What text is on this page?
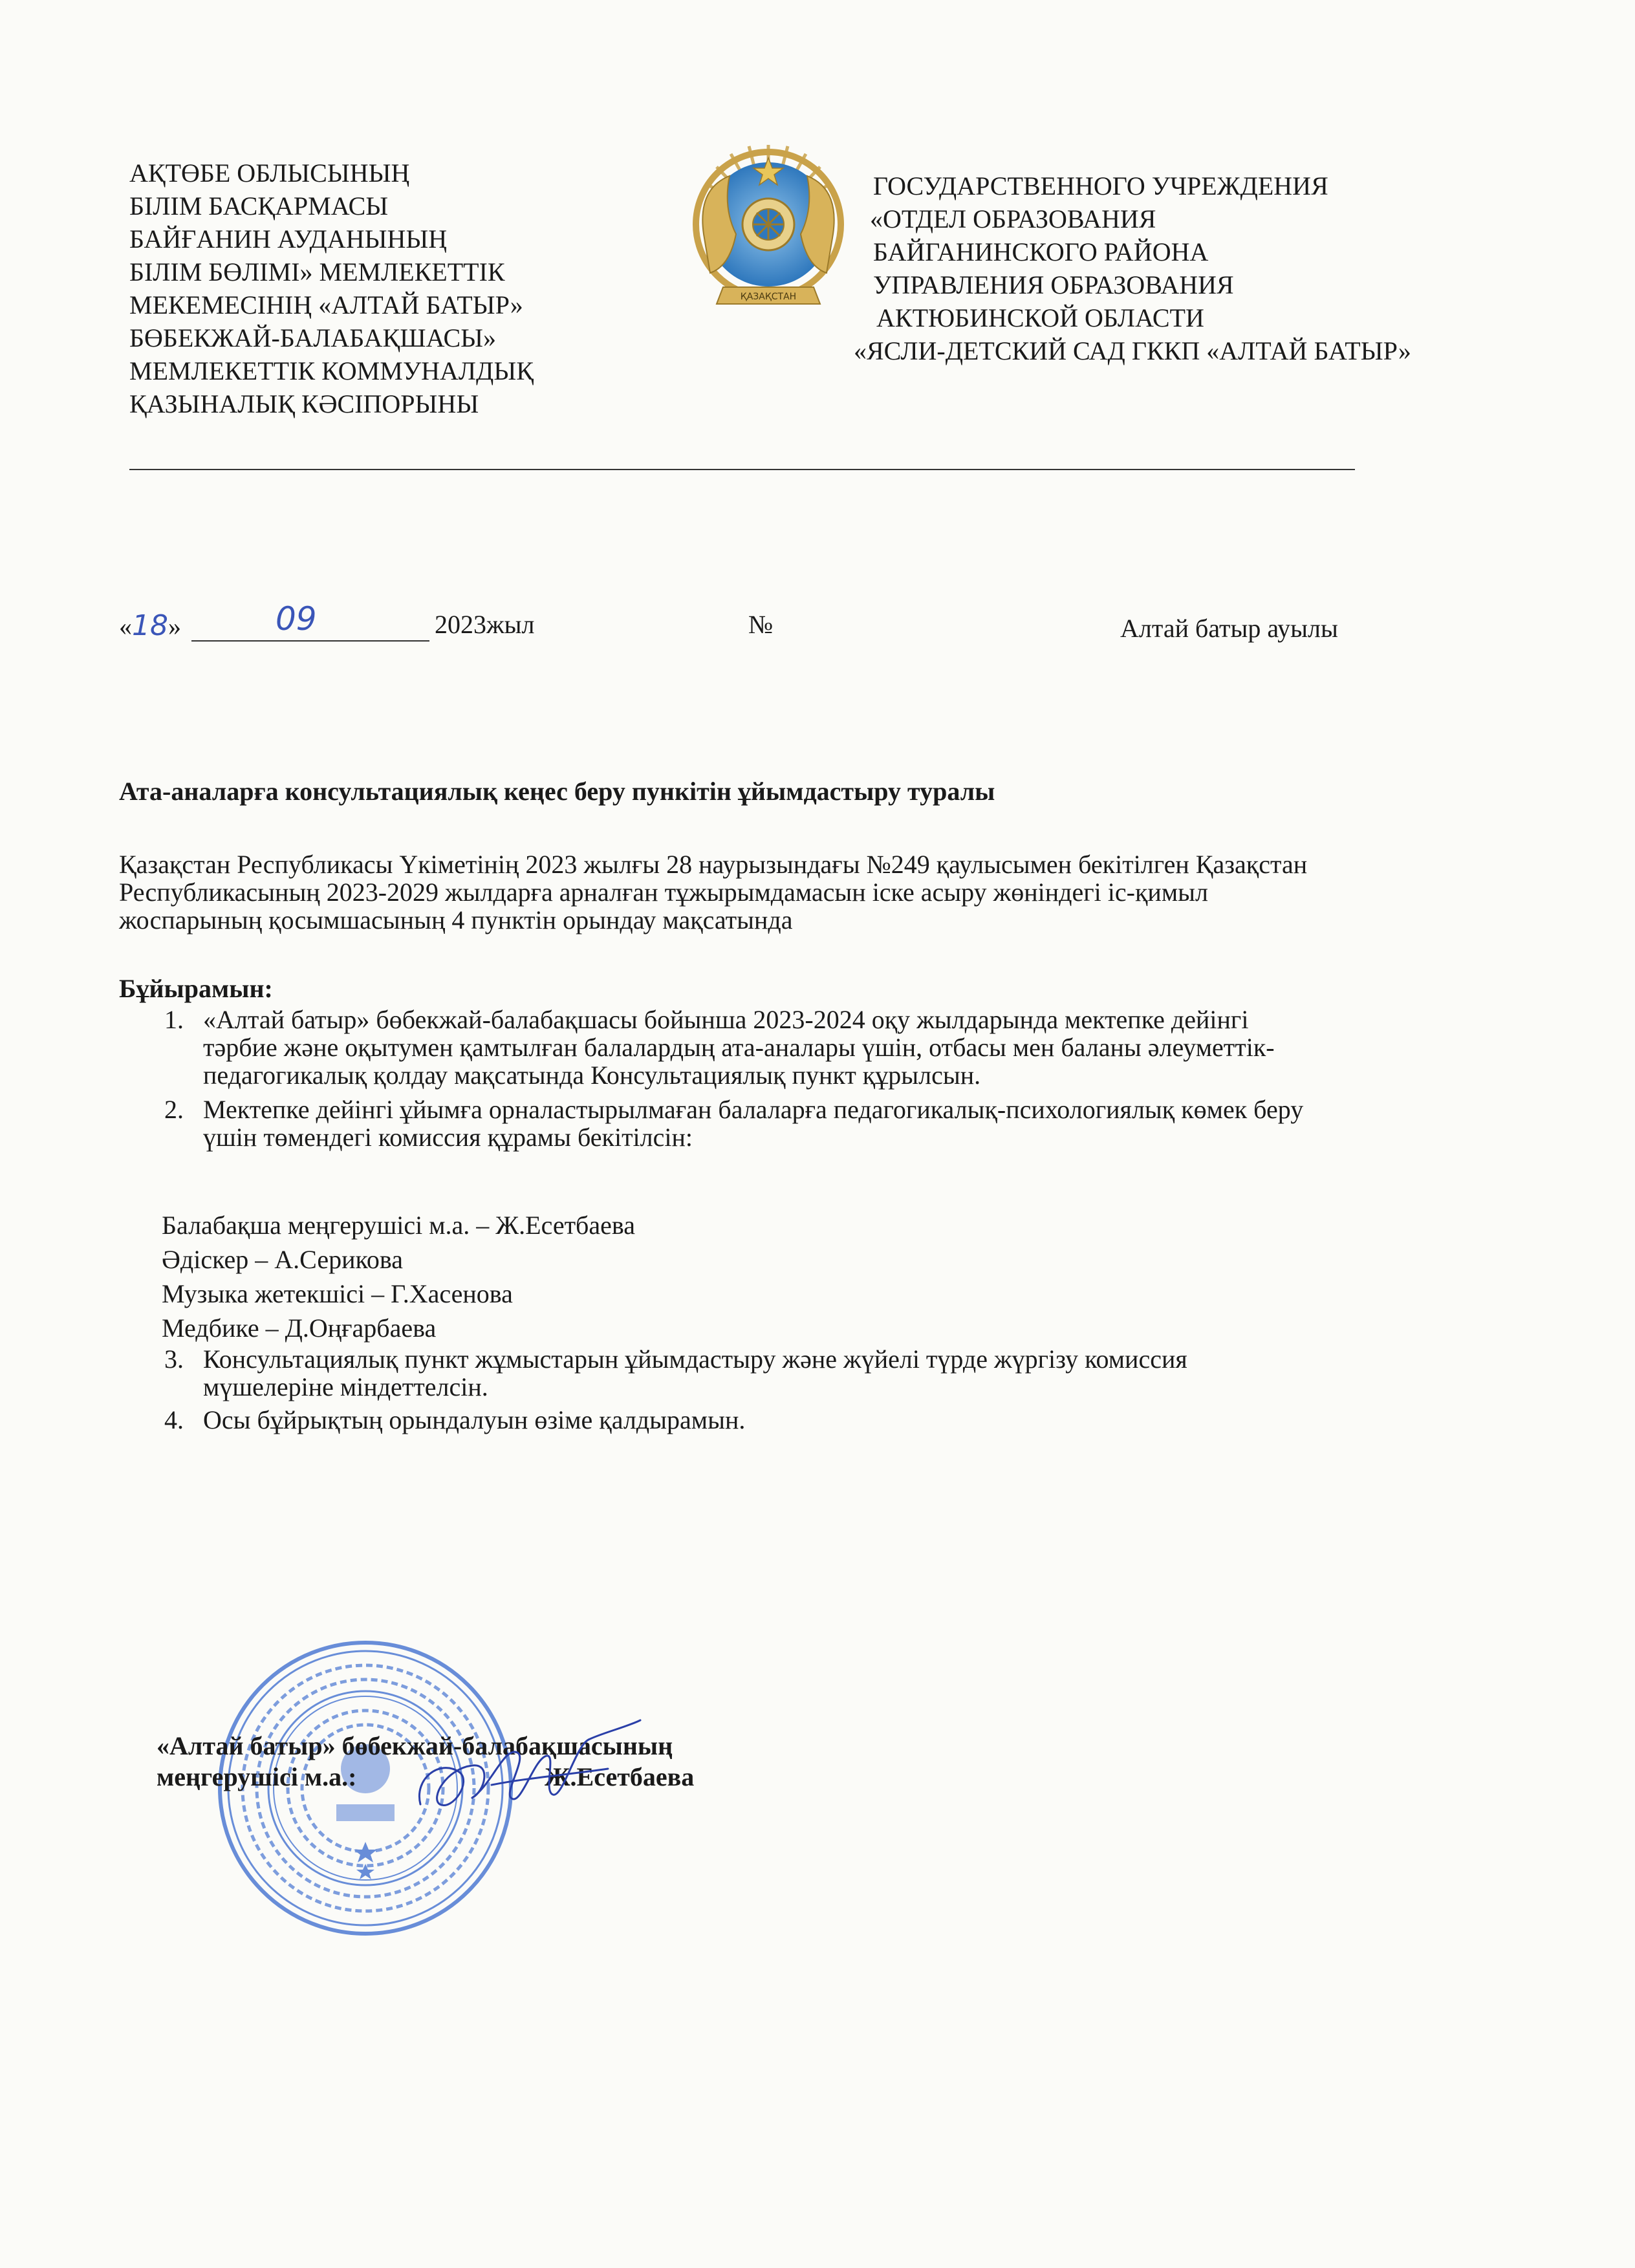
АҚТӨБЕ ОБЛЫСЫНЫҢ
БІЛІМ БАСҚАРМАСЫ
БАЙҒАНИН АУДАНЫНЫҢ
БІЛІМ БӨЛІМІ» МЕМЛЕКЕТТІК
МЕКЕМЕСІНІҢ «АЛТАЙ БАТЫР»
БӨБЕКЖАЙ-БАЛАБАҚШАСЫ»
МЕМЛЕКЕТТІК КОММУНАЛДЫҚ
ҚАЗЫНАЛЫҚ КӘСІПОРЫНЫ
ҚАЗАҚСТАН
ГОСУДАРСТВЕННОГО УЧРЕЖДЕНИЯ
«ОТДЕЛ ОБРАЗОВАНИЯ
БАЙГАНИНСКОГО РАЙОНА
УПРАВЛЕНИЯ ОБРАЗОВАНИЯ
АКТЮБИНСКОЙ ОБЛАСТИ
«ЯСЛИ-ДЕТСКИЙ САД ГККП «АЛТАЙ БАТЫР»
«18»	09	2023жыл	№	Алтай батыр ауылы
Ата-аналарға консультациялық кеңес беру пункітін ұйымдастыру туралы
Қазақстан Республикасы Үкіметінің 2023 жылғы 28 наурызындағы №249 қаулысымен бекітілген Қазақстан
Республикасының 2023-2029 жылдарға арналған тұжырымдамасын іске асыру жөніндегі іс-қимыл
жоспарының қосымшасының 4 пунктін орындау мақсатында
Бұйырамын:
1. «Алтай батыр» бөбекжай-балабақшасы бойынша 2023-2024 оқу жылдарында мектепке дейінгі
тәрбие және оқытумен қамтылған балалардың ата-аналары үшін, отбасы мен баланы әлеуметтік-
педагогикалық қолдау мақсатында Консультациялық пункт құрылсын.
2. Мектепке дейінгі ұйымға орналастырылмаған балаларға педагогикалық-психологиялық көмек беру
үшін төмендегі комиссия құрамы бекітілсін:
Балабақша меңгерушісі м.а. – Ж.Есетбаева
Әдіскер – А.Серикова
Музыка жетекшісі – Г.Хасенова
Медбике – Д.Оңғарбаева
3. Консультациялық пункт жұмыстарын ұйымдастыру және жүйелі түрде жүргізу комиссия
мүшелеріне міндеттелсін.
4. Осы бұйрықтың орындалуын өзіме қалдырамын.
«Алтай батыр» бөбекжай-балабақшасының
меңгерушісі м.а.:	Ж.Есетбаева
